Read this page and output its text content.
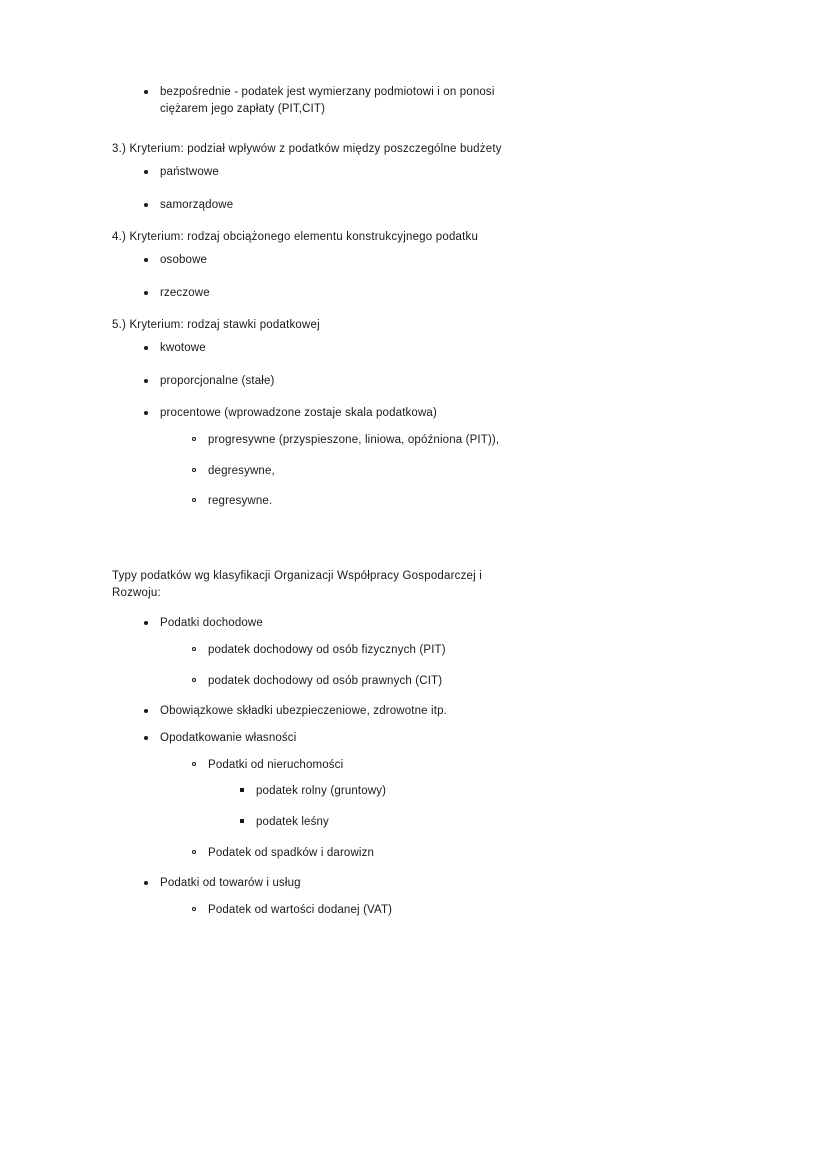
bezpośrednie - podatek jest wymierzany podmiotowi i on ponosi
ciężarem jego zapłaty (PIT,CIT)

3.) Kryterium: podział wpływów z podatków między poszczególne budżety

państwowe
samorządowe

4.) Kryterium: rodzaj obciążonego elementu konstrukcyjnego podatku

osobowe
rzeczowe

5.) Kryterium: rodzaj stawki podatkowej

kwotowe
proporcjonalne (stałe)
procentowe (wprowadzone zostaje skala podatkowa)
progresywne (przyspieszone, liniowa, opóźniona (PIT)),
degresywne,
regresywne.

Typy podatków wg klasyfikacji Organizacji Współpracy Gospodarczej i
Rozwoju:

Podatki dochodowe
podatek dochodowy od osób fizycznych (PIT)
podatek dochodowy od osób prawnych (CIT)
Obowiązkowe składki ubezpieczeniowe, zdrowotne itp.
Opodatkowanie własności
Podatki od nieruchomości
podatek rolny (gruntowy)
podatek leśny
Podatek od spadków i darowizn
Podatki od towarów i usług
Podatek od wartości dodanej (VAT)
